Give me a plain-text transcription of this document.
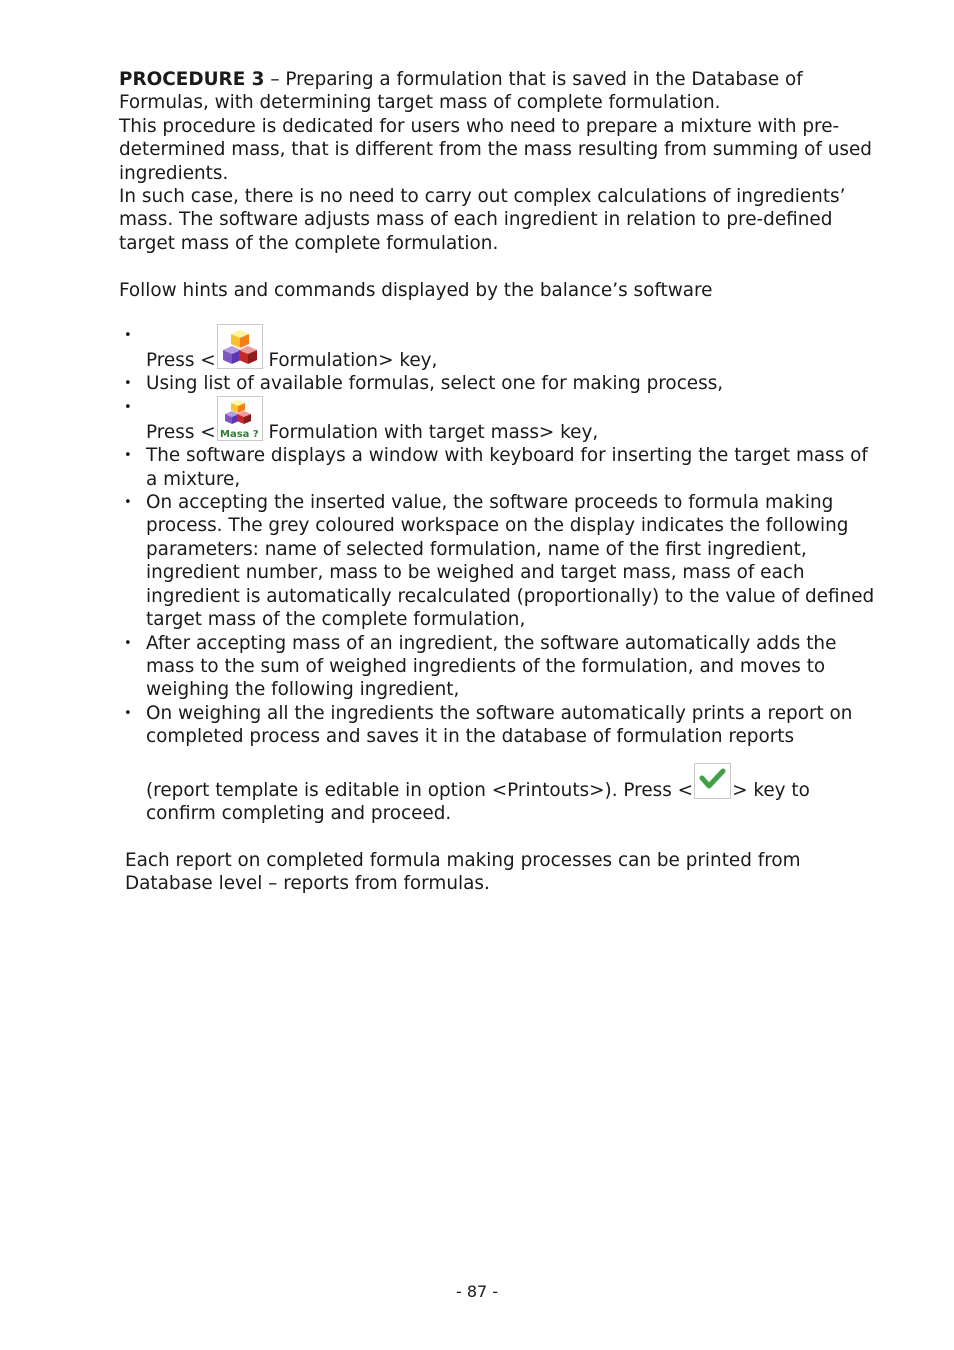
PROCEDURE 3 – Preparing a formulation that is saved in the Database of Formulas, with determining target mass of complete formulation.

This procedure is dedicated for users who need to prepare a mixture with pre-determined mass, that is different from the mass resulting from summing of used ingredients.

In such case, there is no need to carry out complex calculations of ingredients’ mass. The software adjusts mass of each ingredient in relation to pre-defined target mass of the complete formulation.

Follow hints and commands displayed by the balance’s software

•
Press <	Formulation> key,
• Using list of available formulas, select one for making process,
•
Press < Masa ? Formulation with target mass> key,
• The software displays a window with keyboard for inserting the target mass of a mixture,
• On accepting the inserted value, the software proceeds to formula making process. The grey coloured workspace on the display indicates the following parameters: name of selected formulation, name of the first ingredient, ingredient number, mass to be weighed and target mass, mass of each ingredient is automatically recalculated (proportionally) to the value of defined target mass of the complete formulation,
• After accepting mass of an ingredient, the software automatically adds the mass to the sum of weighed ingredients of the formulation, and moves to weighing the following ingredient,
• On weighing all the ingredients the software automatically prints a report on completed process and saves it in the database of formulation reports
(report template is editable in option <Printouts>). Press < > key to confirm completing and proceed.

Each report on completed formula making processes can be printed from Database level – reports from formulas.

- 87 -
